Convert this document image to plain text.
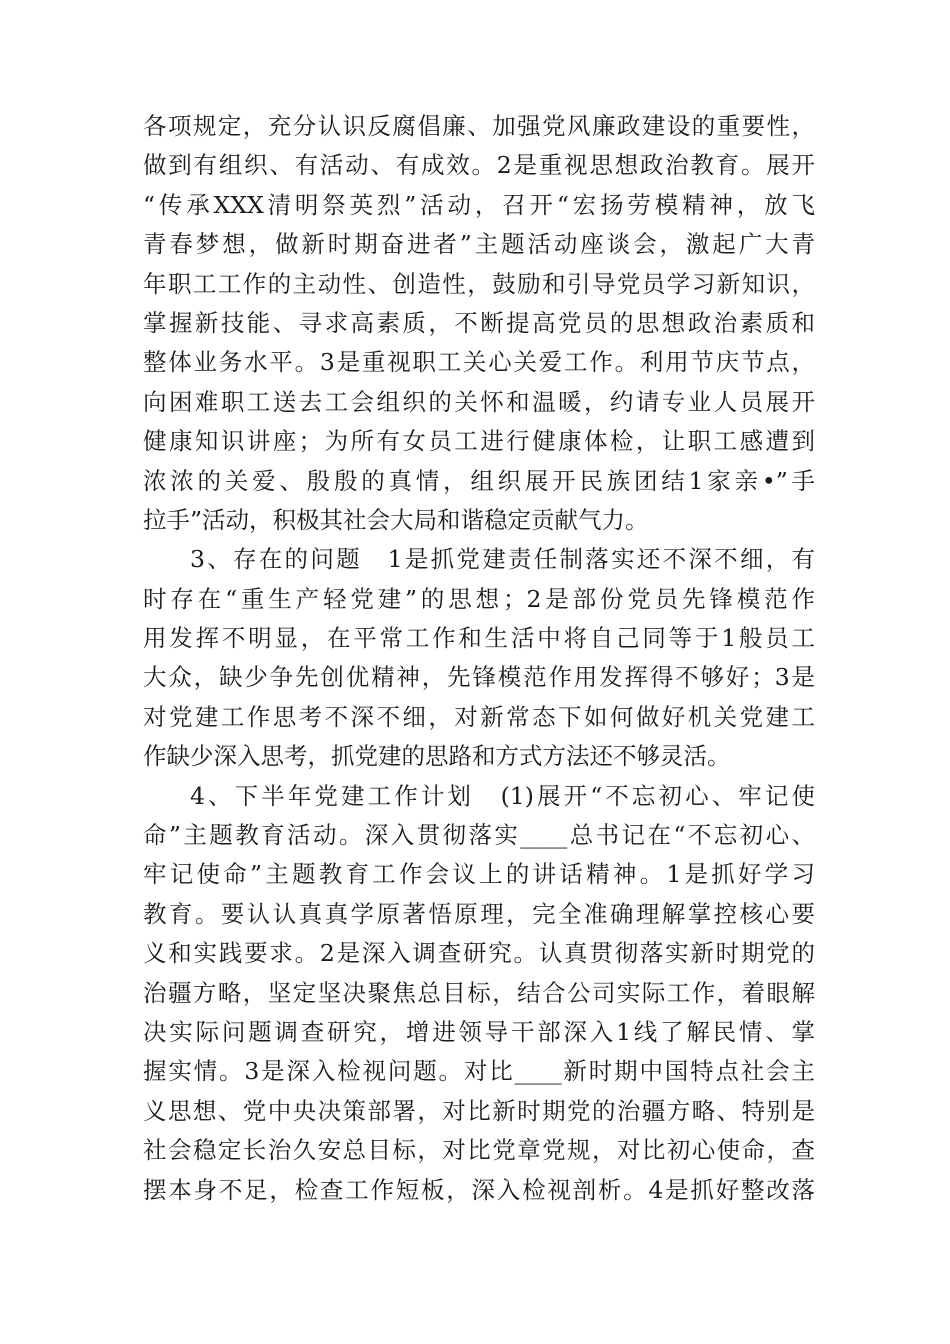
各项规定，充分认识反腐倡廉、加强党风廉政建设的重要性，
做到有组织、有活动、有成效。2是重视思想政治教育。展开
“传承XXX清明祭英烈”活动，召开“宏扬劳模精神，放飞
青春梦想，做新时期奋进者”主题活动座谈会，激起广大青
年职工工作的主动性、创造性，鼓励和引导党员学习新知识，
掌握新技能、寻求高素质，不断提高党员的思想政治素质和
整体业务水平。3是重视职工关心关爱工作。利用节庆节点，
向困难职工送去工会组织的关怀和温暖，约请专业人员展开
健康知识讲座；为所有女员工进行健康体检，让职工感遭到
浓浓的关爱、殷殷的真情，组织展开民族团结1家亲•”手
拉手”活动，积极其社会大局和谐稳定贡献气力。
3、存在的问题　1是抓党建责任制落实还不深不细，有
时存在“重生产轻党建”的思想；2是部份党员先锋模范作
用发挥不明显，在平常工作和生活中将自己同等于1般员工
大众，缺少争先创优精神，先锋模范作用发挥得不够好；3是
对党建工作思考不深不细，对新常态下如何做好机关党建工
作缺少深入思考，抓党建的思路和方式方法还不够灵活。
4、下半年党建工作计划　(1)展开“不忘初心、牢记使
命”主题教育活动。深入贯彻落实____总书记在“不忘初心、
牢记使命”主题教育工作会议上的讲话精神。1是抓好学习
教育。要认认真真学原著悟原理，完全准确理解掌控核心要
义和实践要求。2是深入调查研究。认真贯彻落实新时期党的
治疆方略，坚定坚决聚焦总目标，结合公司实际工作，着眼解
决实际问题调查研究，增进领导干部深入1线了解民情、掌
握实情。3是深入检视问题。对比____新时期中国特点社会主
义思想、党中央决策部署，对比新时期党的治疆方略、特别是
社会稳定长治久安总目标，对比党章党规，对比初心使命，查
摆本身不足，检查工作短板，深入检视剖析。4是抓好整改落
